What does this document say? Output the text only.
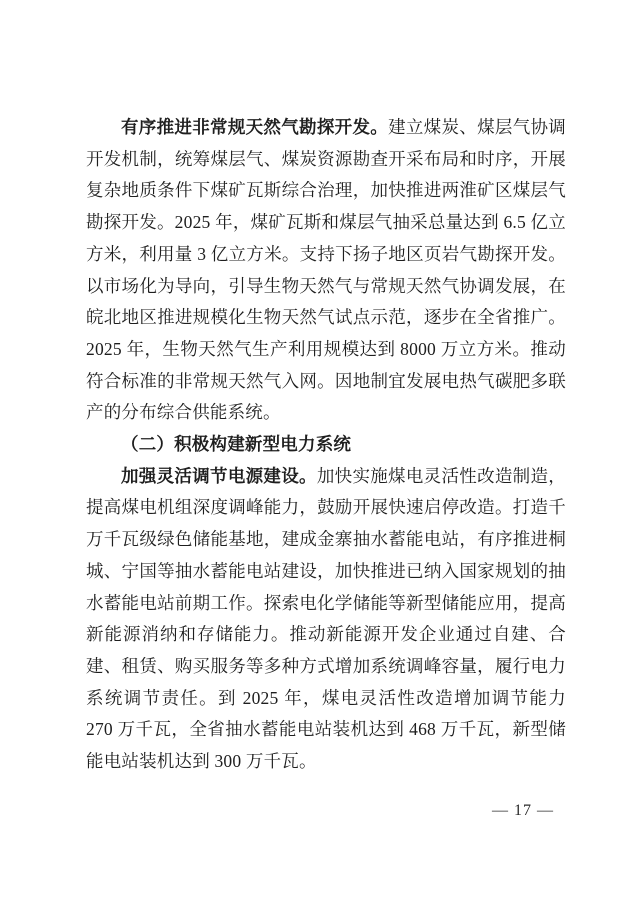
有序推进非常规天然气勘探开发。建立煤炭、煤层气协调开发机制，统筹煤层气、煤炭资源勘查开采布局和时序，开展复杂地质条件下煤矿瓦斯综合治理，加快推进两淮矿区煤层气勘探开发。2025 年，煤矿瓦斯和煤层气抽采总量达到 6.5 亿立方米，利用量 3 亿立方米。支持下扬子地区页岩气勘探开发。以市场化为导向，引导生物天然气与常规天然气协调发展，在皖北地区推进规模化生物天然气试点示范，逐步在全省推广。2025 年，生物天然气生产利用规模达到 8000 万立方米。推动符合标准的非常规天然气入网。因地制宜发展电热气碳肥多联产的分布综合供能系统。

（二）积极构建新型电力系统

加强灵活调节电源建设。加快实施煤电灵活性改造制造，提高煤电机组深度调峰能力，鼓励开展快速启停改造。打造千万千瓦级绿色储能基地，建成金寨抽水蓄能电站，有序推进桐城、宁国等抽水蓄能电站建设，加快推进已纳入国家规划的抽水蓄能电站前期工作。探索电化学储能等新型储能应用，提高新能源消纳和存储能力。推动新能源开发企业通过自建、合建、租赁、购买服务等多种方式增加系统调峰容量，履行电力系统调节责任。到 2025 年，煤电灵活性改造增加调节能力 270 万千瓦，全省抽水蓄能电站装机达到 468 万千瓦，新型储能电站装机达到 300 万千瓦。

— 17 —
